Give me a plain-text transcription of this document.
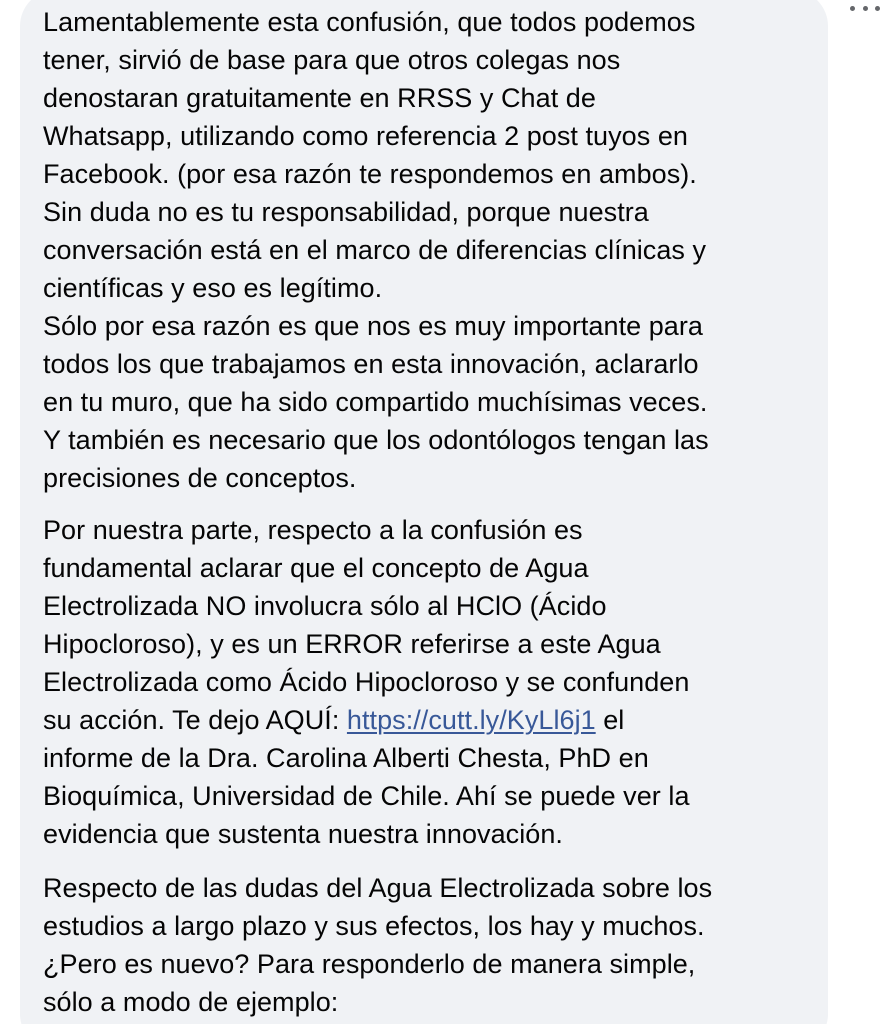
Lamentablemente esta confusión, que todos podemos
tener, sirvió de base para que otros colegas nos
denostaran gratuitamente en RRSS y Chat de
Whatsapp, utilizando como referencia 2 post tuyos en
Facebook. (por esa razón te respondemos en ambos).
Sin duda no es tu responsabilidad, porque nuestra
conversación está en el marco de diferencias clínicas y
científicas y eso es legítimo.
Sólo por esa razón es que nos es muy importante para
todos los que trabajamos en esta innovación, aclararlo
en tu muro, que ha sido compartido muchísimas veces.
Y también es necesario que los odontólogos tengan las
precisiones de conceptos.
Por nuestra parte, respecto a la confusión es
fundamental aclarar que el concepto de Agua
Electrolizada NO involucra sólo al HClO (Ácido
Hipocloroso), y es un ERROR referirse a este Agua
Electrolizada como Ácido Hipocloroso y se confunden
su acción. Te dejo AQUÍ: https://cutt.ly/KyLl6j1 el
informe de la Dra. Carolina Alberti Chesta, PhD en
Bioquímica, Universidad de Chile. Ahí se puede ver la
evidencia que sustenta nuestra innovación.
Respecto de las dudas del Agua Electrolizada sobre los
estudios a largo plazo y sus efectos, los hay y muchos.
¿Pero es nuevo? Para responderlo de manera simple,
sólo a modo de ejemplo:
